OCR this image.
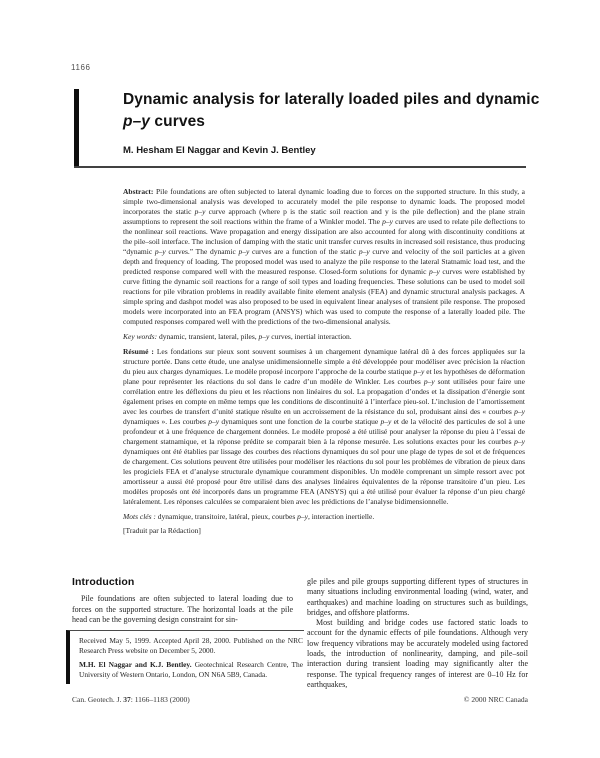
1166
Dynamic analysis for laterally loaded piles and dynamic p–y curves
M. Hesham El Naggar and Kevin J. Bentley

Abstract: Pile foundations are often subjected to lateral dynamic loading due to forces on the supported structure. In this study, a simple two-dimensional analysis was developed to accurately model the pile response to dynamic loads. The proposed model incorporates the static p–y curve approach (where p is the static soil reaction and y is the pile deflection) and the plane strain assumptions to represent the soil reactions within the frame of a Winkler model. The p–y curves are used to relate pile deflections to the nonlinear soil reactions. Wave propagation and energy dissipation are also accounted for along with discontinuity conditions at the pile–soil interface. The inclusion of damping with the static unit transfer curves results in increased soil resistance, thus producing “dynamic p–y curves.” The dynamic p–y curves are a function of the static p–y curve and velocity of the soil particles at a given depth and frequency of loading. The proposed model was used to analyze the pile response to the lateral Statnamic load test, and the predicted response compared well with the measured response. Closed-form solutions for dynamic p–y curves were established by curve fitting the dynamic soil reactions for a range of soil types and loading frequencies. These solutions can be used to model soil reactions for pile vibration problems in readily available finite element analysis (FEA) and dynamic structural analysis packages. A simple spring and dashpot model was also proposed to be used in equivalent linear analyses of transient pile response. The proposed models were incorporated into an FEA program (ANSYS) which was used to compute the response of a laterally loaded pile. The computed responses compared well with the predictions of the two-dimensional analysis.

Key words: dynamic, transient, lateral, piles, p–y curves, inertial interaction.

Résumé : Les fondations sur pieux sont souvent soumises à un chargement dynamique latéral dû à des forces appliquées sur la structure portée. Dans cette étude, une analyse unidimensionnelle simple a été développée pour modéliser avec précision la réaction du pieu aux charges dynamiques. Le modèle proposé incorpore l’approche de la courbe statique p–y et les hypothèses de déformation plane pour représenter les réactions du sol dans le cadre d’un modèle de Winkler. Les courbes p–y sont utilisées pour faire une corrélation entre les déflexions du pieu et les réactions non linéaires du sol. La propagation d’ondes et la dissipation d’énergie sont également prises en compte en même temps que les conditions de discontinuité à l’interface pieu-sol. L’inclusion de l’amortissement avec les courbes de transfert d’unité statique résulte en un accroissement de la résistance du sol, produisant ainsi des « courbes p–y dynamiques ». Les courbes p–y dynamiques sont une fonction de la courbe statique p–y et de la vélocité des particules de sol à une profondeur et à une fréquence de chargement données. Le modèle proposé a été utilisé pour analyser la réponse du pieu à l’essai de chargement statnamique, et la réponse prédite se comparait bien à la réponse mesurée. Les solutions exactes pour les courbes p–y dynamiques ont été établies par lissage des courbes des réactions dynamiques du sol pour une plage de types de sol et de fréquences de chargement. Ces solutions peuvent être utilisées pour modéliser les réactions du sol pour les problèmes de vibration de pieux dans les progiciels FEA et d’analyse structurale dynamique couramment disponibles. Un modèle comprenant un simple ressort avec pot amortisseur a aussi été proposé pour être utilisé dans des analyses linéaires équivalentes de la réponse transitoire d’un pieu. Les modèles proposés ont été incorporés dans un programme FEA (ANSYS) qui a été utilisé pour évaluer la réponse d’un pieu chargé latéralement. Les réponses calculées se comparaient bien avec les prédictions de l’analyse bidimensionnelle.

Mots clés : dynamique, transitoire, latéral, pieux, courbes p–y, interaction inertielle.

[Traduit par la Rédaction]

Introduction

Pile foundations are often subjected to lateral loading due to forces on the supported structure. The horizontal loads at the pile head can be the governing design constraint for sin-

gle piles and pile groups supporting different types of structures in many situations including environmental loading (wind, water, and earthquakes) and machine loading on structures such as buildings, bridges, and offshore platforms.

Most building and bridge codes use factored static loads to account for the dynamic effects of pile foundations. Although very low frequency vibrations may be accurately modeled using factored loads, the introduction of nonlinearity, damping, and pile–soil interaction during transient loading may significantly alter the response. The typical frequency ranges of interest are 0–10 Hz for earthquakes,

Received May 5, 1999. Accepted April 28, 2000. Published on the NRC Research Press website on December 5, 2000.

M.H. El Naggar and K.J. Bentley. Geotechnical Research Centre, The University of Western Ontario, London, ON N6A 5B9, Canada.

Can. Geotech. J. 37: 1166–1183 (2000)	© 2000 NRC Canada
